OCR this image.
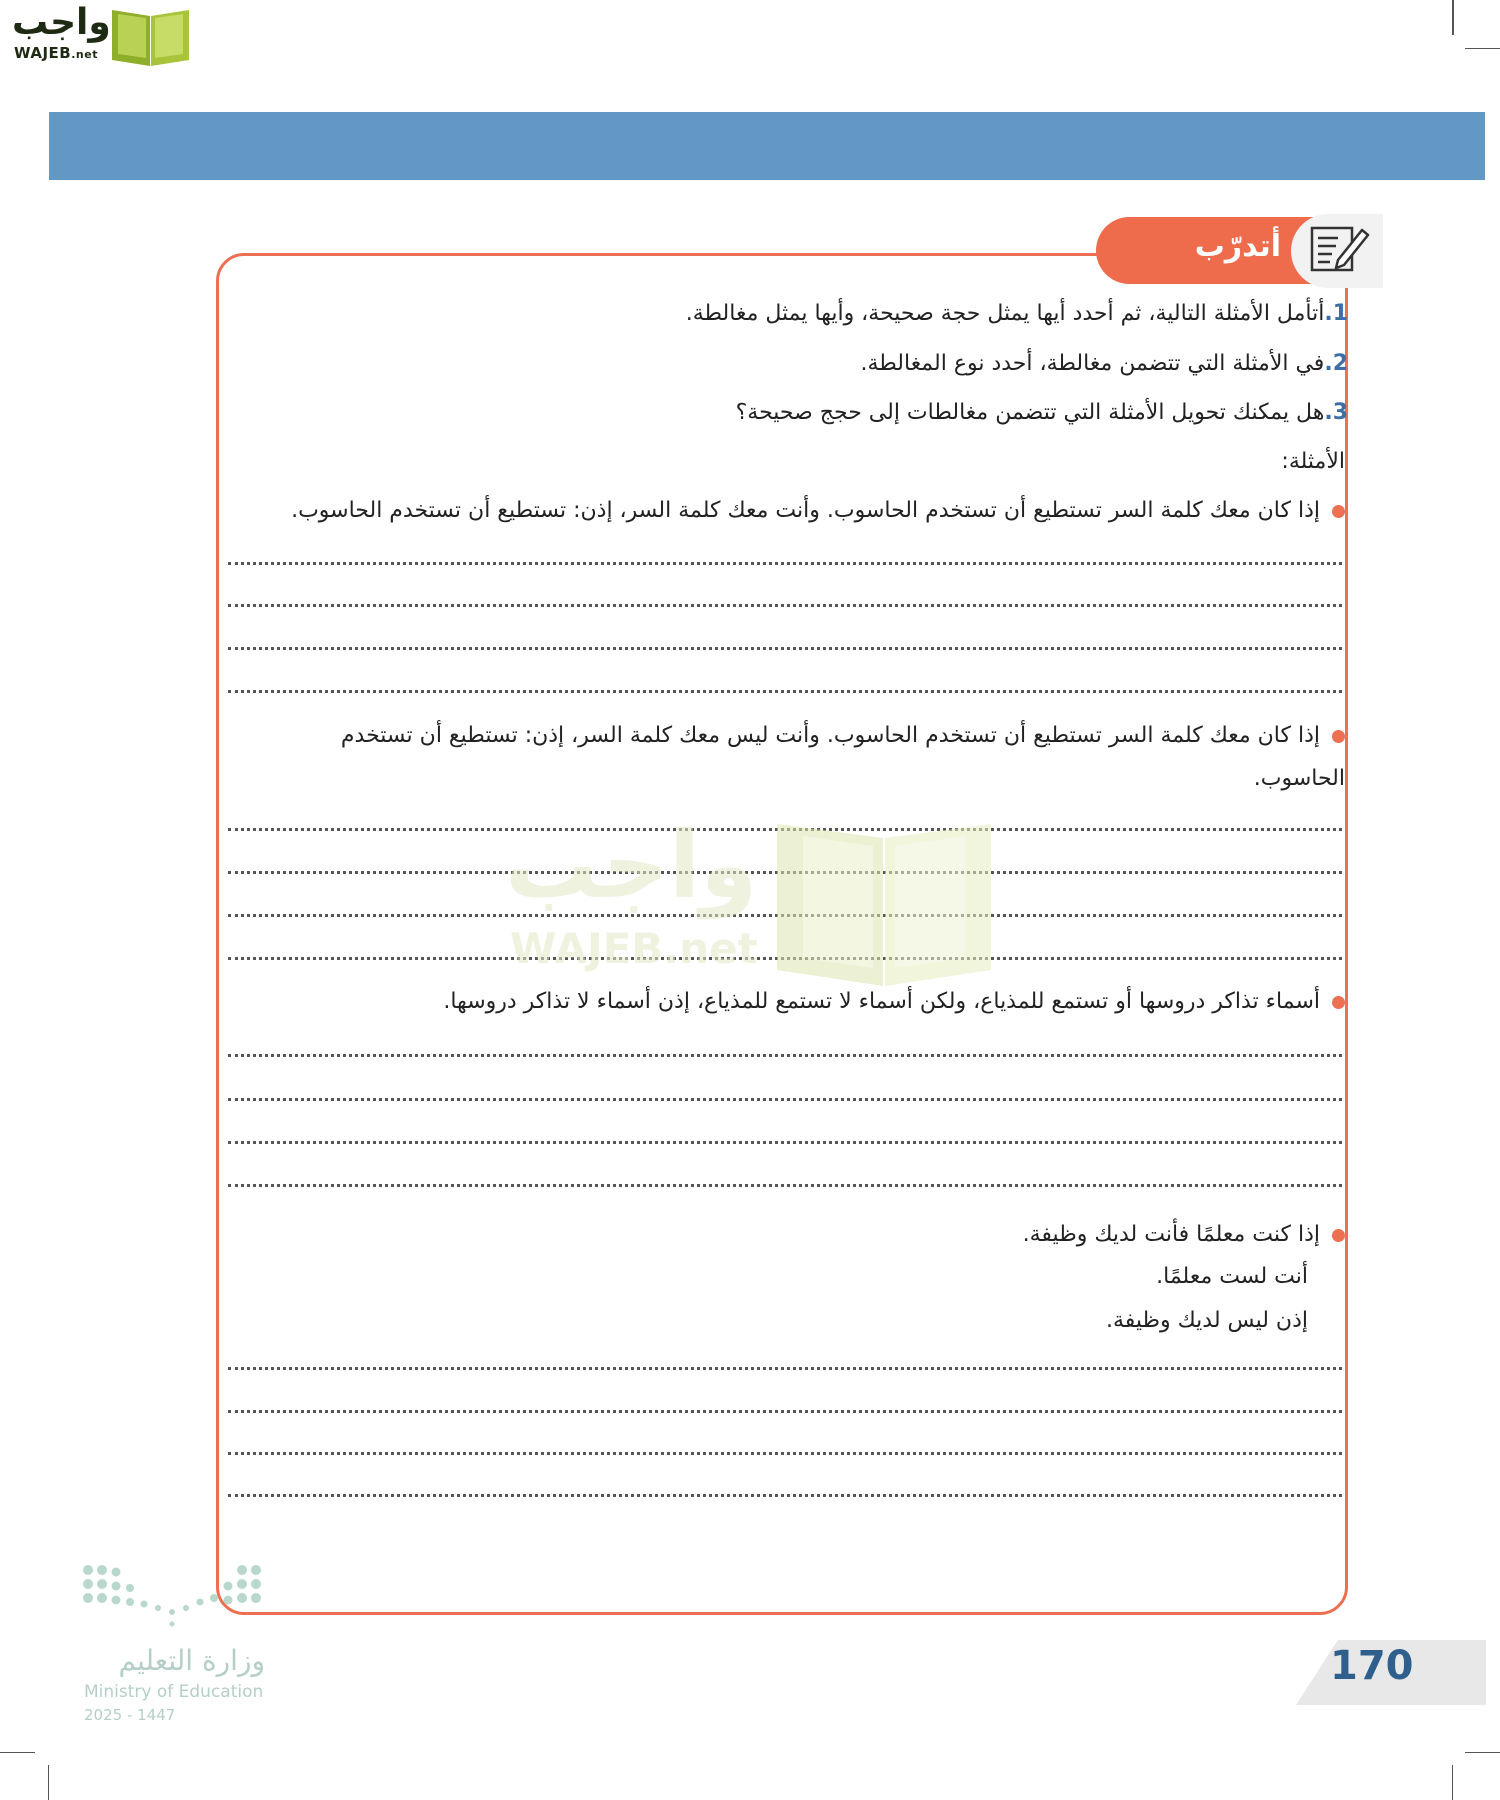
واجب
WAJEB.net
أتدرّب
1.أتأمل الأمثلة التالية، ثم أحدد أيها يمثل حجة صحيحة، وأيها يمثل مغالطة.
2.في الأمثلة التي تتضمن مغالطة، أحدد نوع المغالطة.
3.هل يمكنك تحويل الأمثلة التي تتضمن مغالطات إلى حجج صحيحة؟
الأمثلة:
إذا كان معك كلمة السر تستطيع أن تستخدم الحاسوب. وأنت معك كلمة السر، إذن: تستطيع أن تستخدم الحاسوب.
إذا كان معك كلمة السر تستطيع أن تستخدم الحاسوب. وأنت ليس معك كلمة السر، إذن: تستطيع أن تستخدم
الحاسوب.
واجب
WAJEB.net
أسماء تذاكر دروسها أو تستمع للمذياع، ولكن أسماء لا تستمع للمذياع، إذن أسماء لا تذاكر دروسها.
إذا كنت معلمًا فأنت لديك وظيفة.
أنت لست معلمًا.
إذن ليس لديك وظيفة.
وزارة التعليم
Ministry of Education
2025 - 1447
170
